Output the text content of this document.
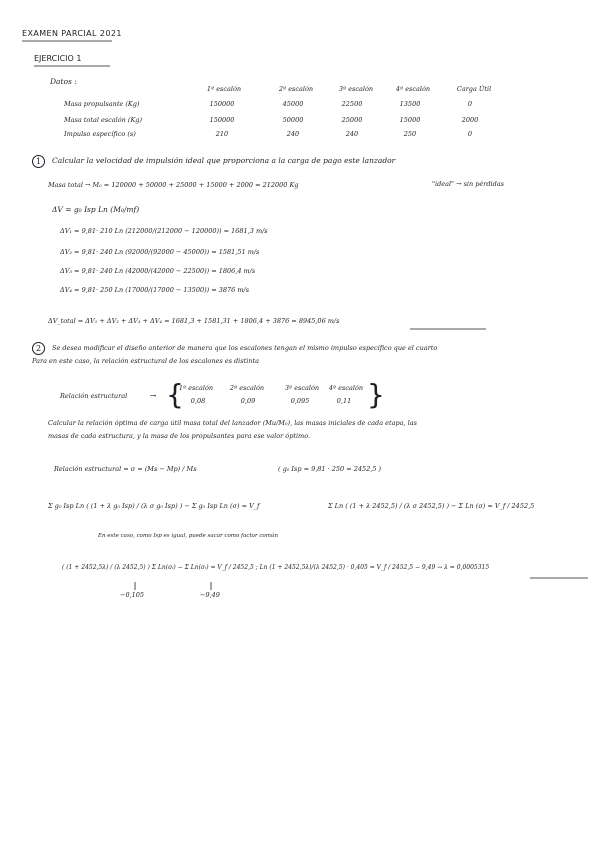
EXAMEN PARCIAL 2021
EJERCICIO 1
Datos :
1º escalón	2º escalón	3º escalón	4º escalón	Carga Útil
Masa propulsante (Kg)	150000	45000	22500	13500	0
Masa total escalón (Kg)	150000	50000	25000	15000	2000
Impulso específico (s)	210	240	240	250	0
1	Calcular la velocidad de impulsión ideal que proporciona a la carga de pago este lanzador
Masa total → M₀ = 120000 + 50000 + 25000 + 15000 + 2000 = 212000 Kg	"ideal" → sin pérdidas
ΔV = g₀ Isp Ln (M₀/mf)
ΔV₁ = 9,81· 210 Ln (212000/(212000 − 120000)) = 1681,3 m/s
ΔV₂ = 9,81· 240 Ln (92000/(92000 − 45000)) = 1581,51 m/s
ΔV₃ = 9,81· 240 Ln (42000/(42000 − 22500)) = 1806,4 m/s
ΔV₄ = 9,81· 250 Ln (17000/(17000 − 13500)) = 3876 m/s
ΔV_total = ΔV₁ + ΔV₂ + ΔV₃ + ΔV₄ = 1681,3 + 1581,31 + 1806,4 + 3876 = 8945,06 m/s
2	Se desea modificar el diseño anterior de manera que los escalones tengan el mismo impulso específico que el cuarto
Para en este caso, la relación estructural de los escalones es distinta
Relación estructural	→ {	}
1º escalón	2º escalón	3º escalón 4º escalón
0,08	0,09	0,095	0,11
Calcular la relación óptima de carga útil masa total del lanzador (Mu/M₀), las masas iniciales de cada etapa, las
masas de cada estructura, y la masa de los propulsantes para ese valor óptimo.
Relación estructural = σ = (Ms − Mp) / Ms	( g₀ Isp = 9,81 · 250 = 2452,5 )
Σ g₀ Isp Ln ( (1 + λ g₀ Isp) / (λ σ g₀ Isp) ) − Σ g₀ Isp Ln (σ) = V_f	Σ Ln ( (1 + λ 2452,5) / (λ σ 2452,5) ) − Σ Ln (σ) = V_f / 2452,5
En este caso, como Isp es igual, puede sacar como factor común
( (1 + 2452,5λ) / (λ 2452,5) ) Σ Ln(σᵢ) − Σ Ln(σᵢ) = V_f / 2452,5 ; Ln (1 + 2452,5λ)/(λ 2452,5) · 0,405 = V_f / 2452,5 − 9,49 → λ = 0,0005315
−0,105	−9,49
